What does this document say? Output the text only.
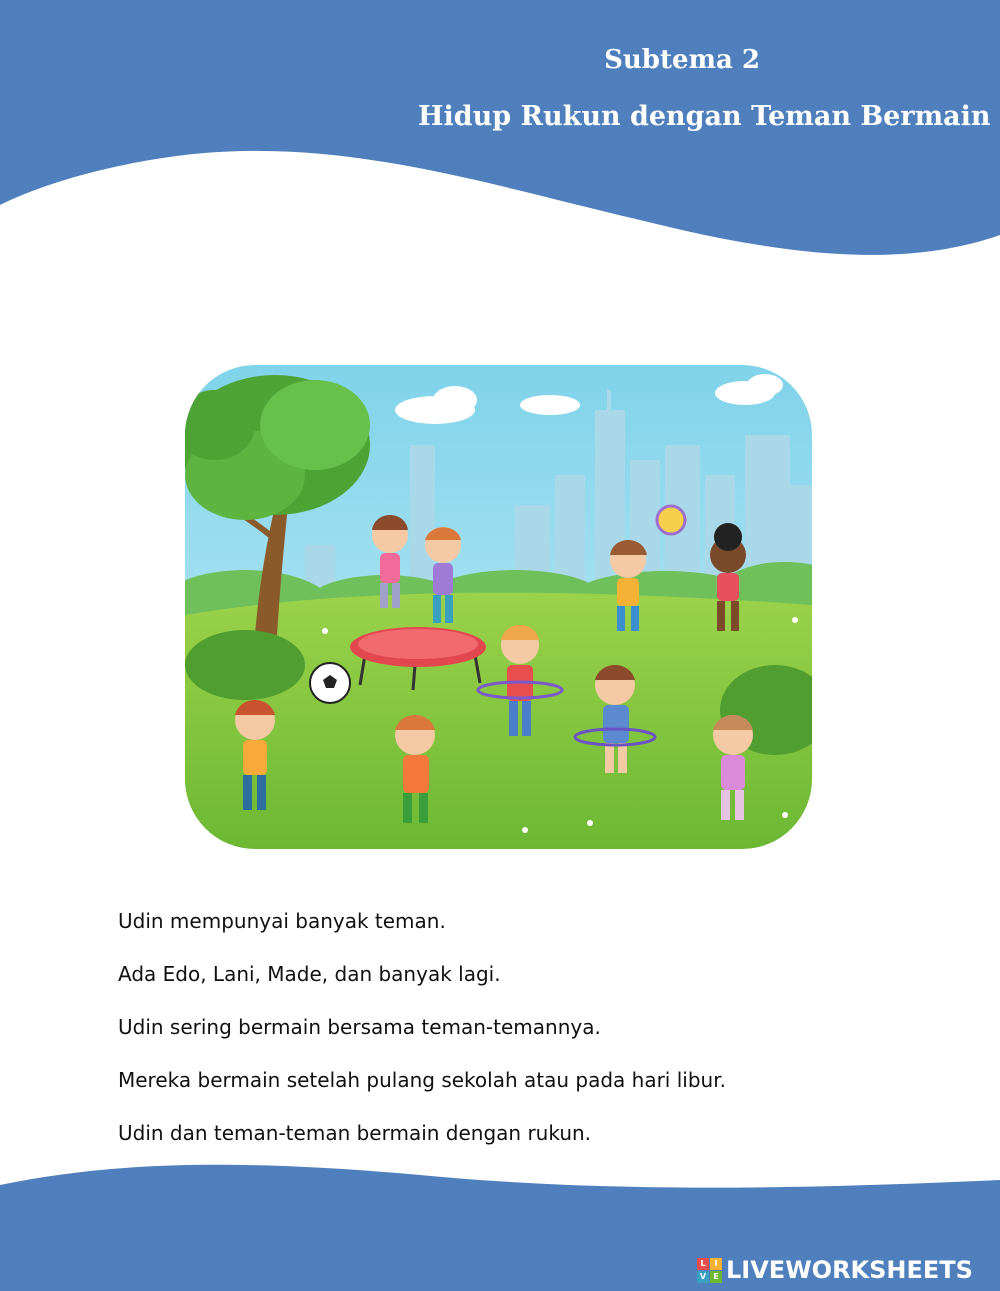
Subtema 2
Hidup Rukun dengan Teman Bermain

Udin mempunyai banyak teman.

Ada Edo, Lani, Made, dan banyak lagi.

Udin sering bermain bersama teman-temannya.

Mereka bermain setelah pulang sekolah atau pada hari libur.

Udin dan teman-teman bermain dengan rukun.

L	I
V E LIVEWORKSHEETS
